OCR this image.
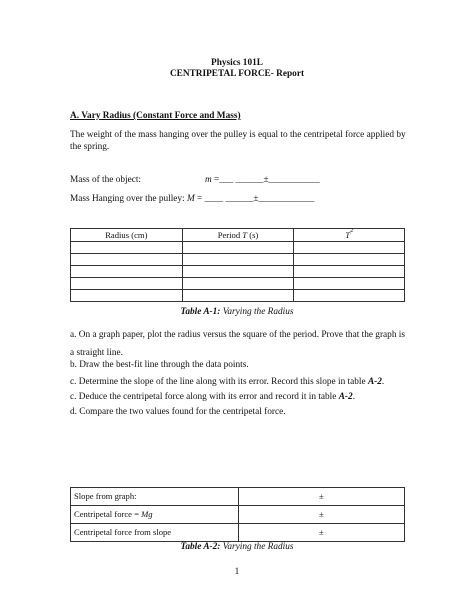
Physics 101L
CENTRIPETAL FORCE- Report
A. Vary Radius (Constant Force and Mass)
The weight of the mass hanging over the pulley is equal to the centripetal force applied by the spring.
Mass of the object:	m =___ ______±___________
Mass Hanging over the pulley: M = ____ ______±____________
Radius (cm)	Period T (s)	$T^2$

Table A-1: Varying the Radius
a. On a graph paper, plot the radius versus the square of the period. Prove that the graph is a straight line.
b. Draw the best-fit line through the data points.
c. Determine the slope of the line along with its error. Record this slope in table A-2.
c. Deduce the centripetal force along with its error and record it in table A-2.
d. Compare the two values found for the centripetal force.
Slope from graph:	±
Centripetal force = Mg	±
Centripetal force from slope	±
Table A-2: Varying the Radius
1
